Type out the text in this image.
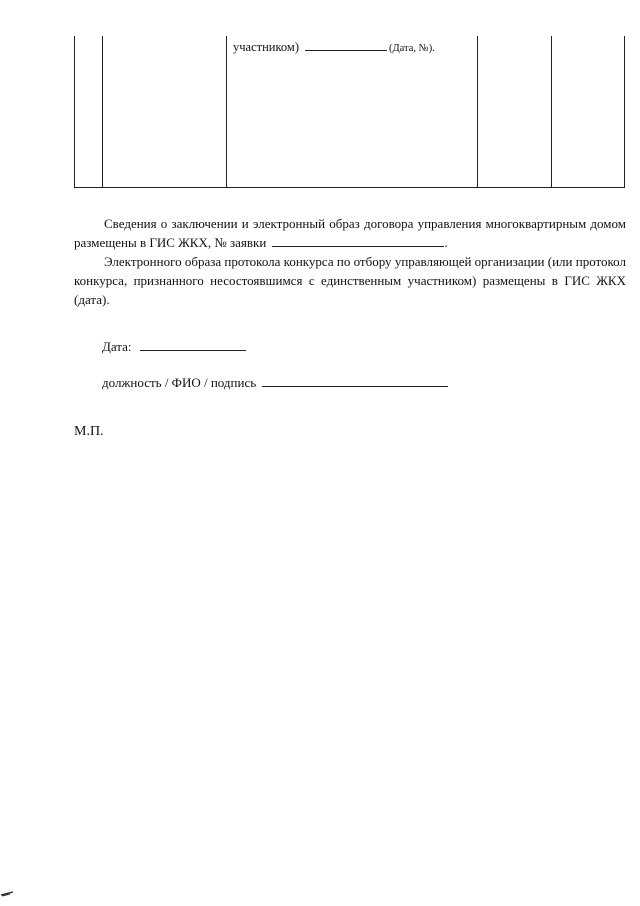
участником)	(Дата, №).
Сведения о заключении и электронный образ договора управления многоквартирным домом размещены в ГИС ЖКХ, № заявки	.
Электронного образа протокола конкурса по отбору управляющей организации (или протокол конкурса, признанного несостоявшимся с единственным участником) размещены в ГИС ЖКХ (дата).
Дата:
должность / ФИО / подпись
М.П.
